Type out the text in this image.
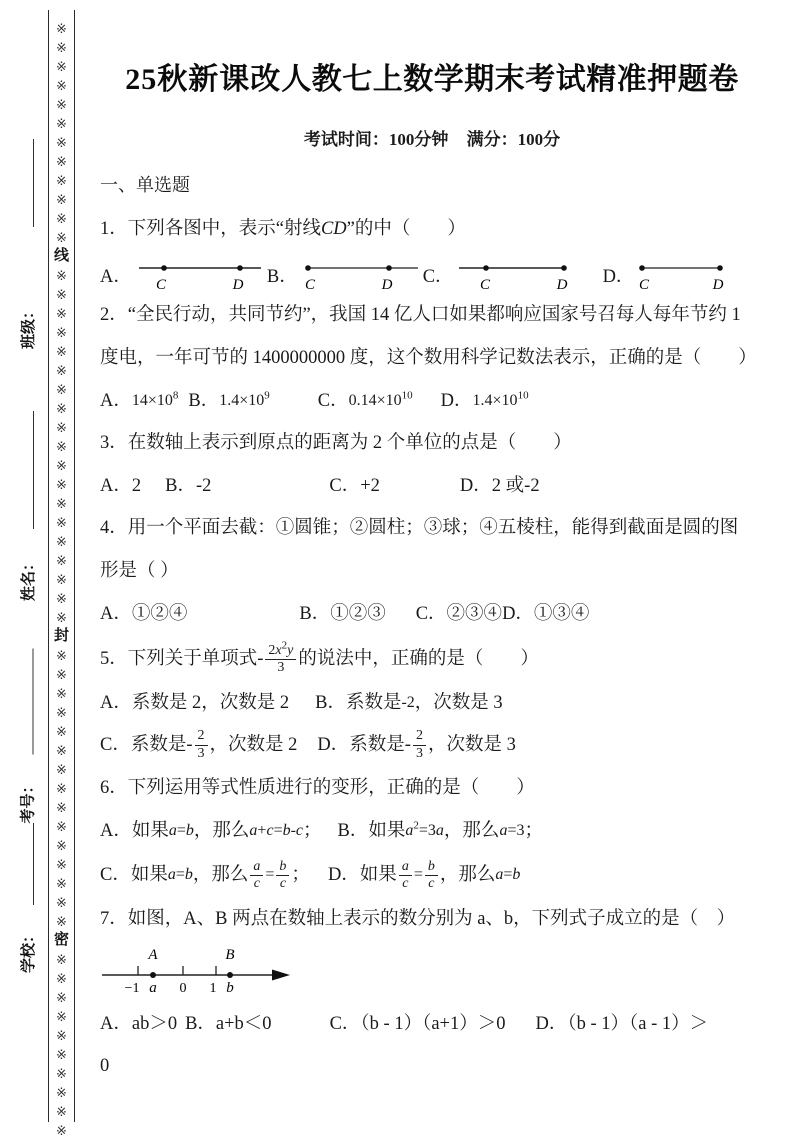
班级：
姓名：
考号：
学校：
※
※
※
※
※
※
※
※
※
※
※
※
线
※
※
※
※
※
※
※
※
※
※
※
※
※
※
※
※
※
※
※
封
※
※
※
※
※
※
※
※
※
※
※
※
※
※
※
密
※
※
※
※
※
※
※
※
※
※
25秋新课改人教七上数学期末考试精准押题卷
考试时间：100分钟 满分：100分
一、单选题
1．下列各图中，表示“射线CD”的中（　　）
A． C	D B． C	D C． C	D D． C	D
2．“全民行动，共同节约”，我国 14 亿人口如果都响应国家号召每人每年节约 1
度电，一年可节的 1400000000 度，这个数用科学记数法表示，正确的是（　　）
A． $14\times 10^8$ B． $1.4\times 10^9$	C． $0.14\times 10^{10}$ D． $1.4\times 10^{10}$
3．在数轴上表示到原点的距离为 2 个单位的点是（　　）
A．2 B．-2	C．+2	D．2 或-2
4．用一个平面去截：①圆锥；②圆柱；③球；④五棱柱，能得到截面是圆的图
形是（ ）
A．①②④	B．①②③ C．②③④ D．①③④
5．下列关于单项式- $\frac{2x^2y}{3}$ 的说法中，正确的是（　　）
A．系数是 2，次数是 2 B．系数是 -2 ，次数是 3
C．系数是- 2
3 ，次数是 2 D．系数是- 2
3 ，次数是 3
6．下列运用等式性质进行的变形，正确的是（　　）
A．如果 a=b ，那么 a+c=b-c ； B．如果 $a^2=3a$ ，那么 a=3 ；
C．如果 a=b ，那么 $\frac{a}{c} = \frac{b}{c}$ ； D．如果 $\frac{a}{c} = \frac{b}{c}$ ，那么 a=b
7．如图，A、B 两点在数轴上表示的数分别为 a、b，下列式子成立的是（　）
A	B
−1 a 0 1 b
A．ab＞0 B．a+b＜0	C．（b - 1）（a+1）＞0 D．（b - 1）（a - 1）＞
0
